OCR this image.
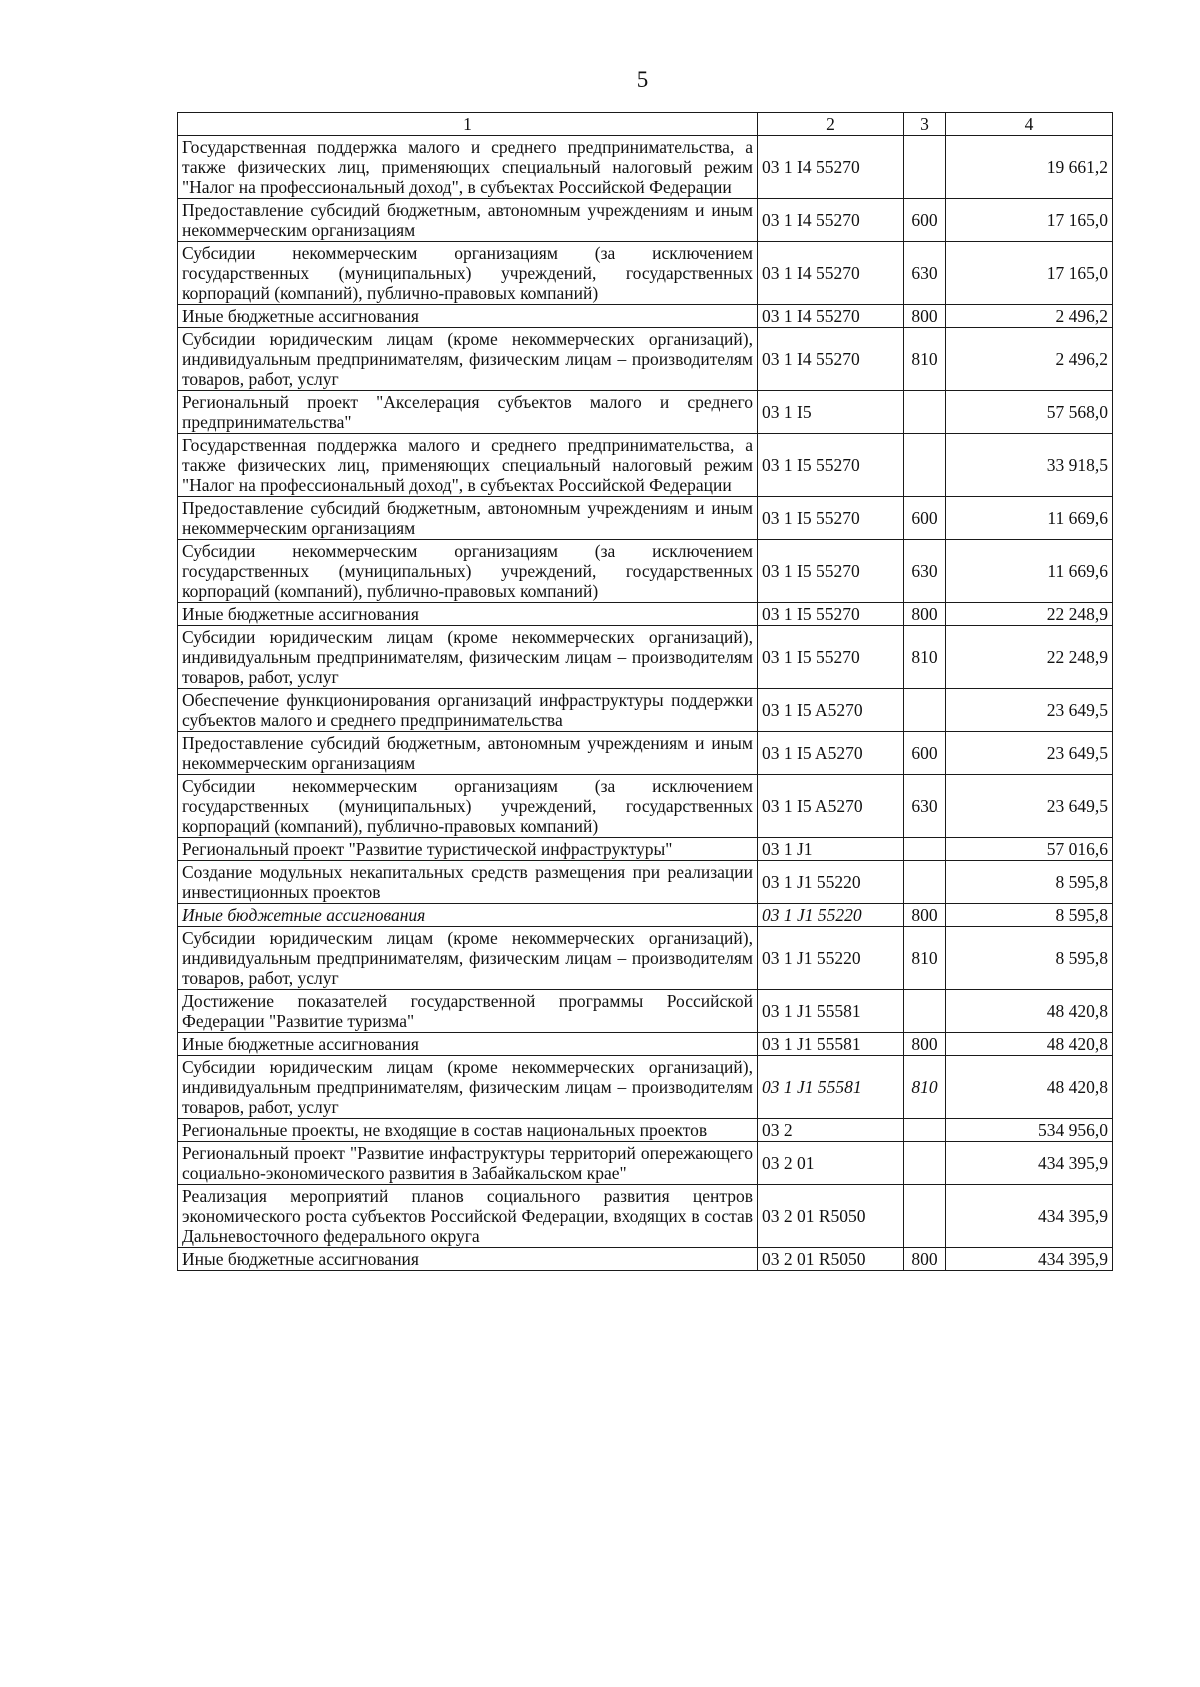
5
1	2	3	4
Государственная поддержка малого и среднего предпринимательства, а также физических лиц, применяющих специальный налоговый режим "Налог на профессиональный доход", в субъектах Российской Федерации	03 1 I4 55270		19 661,2
Предоставление субсидий бюджетным, автономным учреждениям и иным некоммерческим организациям	03 1 I4 55270	600	17 165,0
Субсидии некоммерческим организациям (за исключением государственных (муниципальных) учреждений, государственных корпораций (компаний), публично-правовых компаний)	03 1 I4 55270	630	17 165,0
Иные бюджетные ассигнования	03 1 I4 55270	800	2 496,2
Субсидии юридическим лицам (кроме некоммерческих организаций), индивидуальным предпринимателям, физическим лицам – производителям товаров, работ, услуг	03 1 I4 55270	810	2 496,2
Региональный проект "Акселерация субъектов малого и среднего предпринимательства"	03 1 I5		57 568,0
Государственная поддержка малого и среднего предпринимательства, а также физических лиц, применяющих специальный налоговый режим "Налог на профессиональный доход", в субъектах Российской Федерации	03 1 I5 55270		33 918,5
Предоставление субсидий бюджетным, автономным учреждениям и иным некоммерческим организациям	03 1 I5 55270	600	11 669,6
Субсидии некоммерческим организациям (за исключением государственных (муниципальных) учреждений, государственных корпораций (компаний), публично-правовых компаний)	03 1 I5 55270	630	11 669,6
Иные бюджетные ассигнования	03 1 I5 55270	800	22 248,9
Субсидии юридическим лицам (кроме некоммерческих организаций), индивидуальным предпринимателям, физическим лицам – производителям товаров, работ, услуг	03 1 I5 55270	810	22 248,9
Обеспечение функционирования организаций инфраструктуры поддержки субъектов малого и среднего предпринимательства	03 1 I5 A5270		23 649,5
Предоставление субсидий бюджетным, автономным учреждениям и иным некоммерческим организациям	03 1 I5 A5270	600	23 649,5
Субсидии некоммерческим организациям (за исключением государственных (муниципальных) учреждений, государственных корпораций (компаний), публично-правовых компаний)	03 1 I5 A5270	630	23 649,5
Региональный проект "Развитие туристической инфраструктуры"	03 1 J1		57 016,6
Создание модульных некапитальных средств размещения при реализации инвестиционных проектов	03 1 J1 55220		8 595,8
Иные бюджетные ассигнования	03 1 J1 55220	800	8 595,8
Субсидии юридическим лицам (кроме некоммерческих организаций), индивидуальным предпринимателям, физическим лицам – производителям товаров, работ, услуг	03 1 J1 55220	810	8 595,8
Достижение показателей государственной программы Российской Федерации "Развитие туризма"	03 1 J1 55581		48 420,8
Иные бюджетные ассигнования	03 1 J1 55581	800	48 420,8
Субсидии юридическим лицам (кроме некоммерческих организаций), индивидуальным предпринимателям, физическим лицам – производителям товаров, работ, услуг	03 1 J1 55581	810	48 420,8
Региональные проекты, не входящие в состав национальных проектов	03 2		534 956,0
Региональный проект "Развитие инфаструктуры территорий опережающего социально-экономического развития в Забайкальском крае"	03 2 01		434 395,9
Реализация мероприятий планов социального развития центров экономического роста субъектов Российской Федерации, входящих в состав Дальневосточного федерального округа	03 2 01 R5050		434 395,9
Иные бюджетные ассигнования	03 2 01 R5050	800	434 395,9
